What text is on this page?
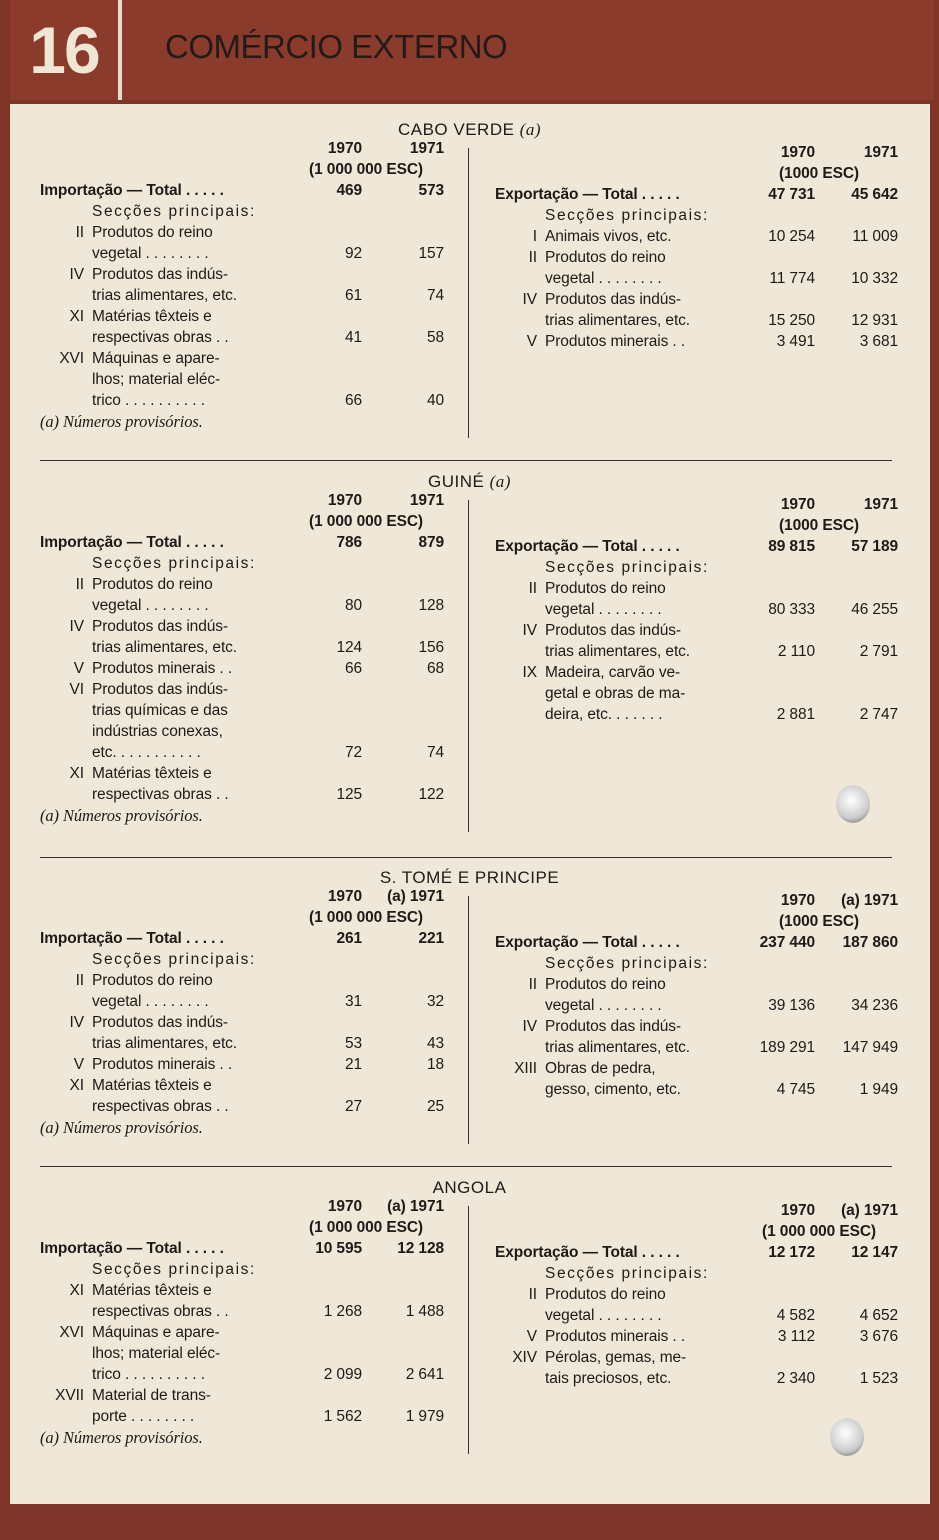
16	COMÉRCIO EXTERNO
CABO VERDE (a)
1970	1971
(1 000 000 ESC)
Importação — Total . . . . .	469	573
Secções principais:
II Produtos do reino
vegetal . . . . . . . .	92	157
IV Produtos das indús-
trias alimentares, etc.	61	74
XI Matérias têxteis e
respectivas obras . .	41	58
XVI Máquinas e apare-
lhos; material eléc-
trico . . . . . . . . . .	66	40
(a) Números provisórios.
1970	1971
(1000 ESC)
Exportação — Total . . . . .	47 731	45 642
Secções principais:
I Animais vivos, etc.	10 254	11 009
II Produtos do reino
vegetal . . . . . . . .	11 774	10 332
IV Produtos das indús-
trias alimentares, etc.	15 250	12 931
V Produtos minerais . .	3 491	3 681
GUINÉ (a)
1970	1971
(1 000 000 ESC)
Importação — Total . . . . .	786	879
Secções principais:
II Produtos do reino
vegetal . . . . . . . .	80	128
IV Produtos das indús-
trias alimentares, etc.	124	156
V Produtos minerais . .	66	68
VI Produtos das indús-
trias químicas e das
indústrias conexas,
etc. . . . . . . . . . .	72	74
XI Matérias têxteis e
respectivas obras . .	125	122
(a) Números provisórios.
1970	1971
(1000 ESC)
Exportação — Total . . . . .	89 815	57 189
Secções principais:
II Produtos do reino
vegetal . . . . . . . .	80 333	46 255
IV Produtos das indús-
trias alimentares, etc.	2 110	2 791
IX Madeira, carvão ve-
getal e obras de ma-
deira, etc. . . . . . .	2 881	2 747
S. TOMÉ E PRINCIPE
1970	(a) 1971
(1 000 000 ESC)
Importação — Total . . . . .	261	221
Secções principais:
II Produtos do reino
vegetal . . . . . . . .	31	32
IV Produtos das indús-
trias alimentares, etc.	53	43
V Produtos minerais . .	21	18
XI Matérias têxteis e
respectivas obras . .	27	25
(a) Números provisórios.
1970	(a) 1971
(1000 ESC)
Exportação — Total . . . . .	237 440	187 860
Secções principais:
II Produtos do reino
vegetal . . . . . . . .	39 136	34 236
IV Produtos das indús-
trias alimentares, etc.	189 291	147 949
XIII Obras de pedra,
gesso, cimento, etc.	4 745	1 949
ANGOLA
1970	(a) 1971
(1 000 000 ESC)
Importação — Total . . . . .	10 595	12 128
Secções principais:
XI Matérias têxteis e
respectivas obras . .	1 268	1 488
XVI Máquinas e apare-
lhos; material eléc-
trico . . . . . . . . . .	2 099	2 641
XVII Material de trans-
porte . . . . . . . .	1 562	1 979
(a) Números provisórios.
1970	(a) 1971
(1 000 000 ESC)
Exportação — Total . . . . .	12 172	12 147
Secções principais:
II Produtos do reino
vegetal . . . . . . . .	4 582	4 652
V Produtos minerais . .	3 112	3 676
XIV Pérolas, gemas, me-
tais preciosos, etc.	2 340	1 523
